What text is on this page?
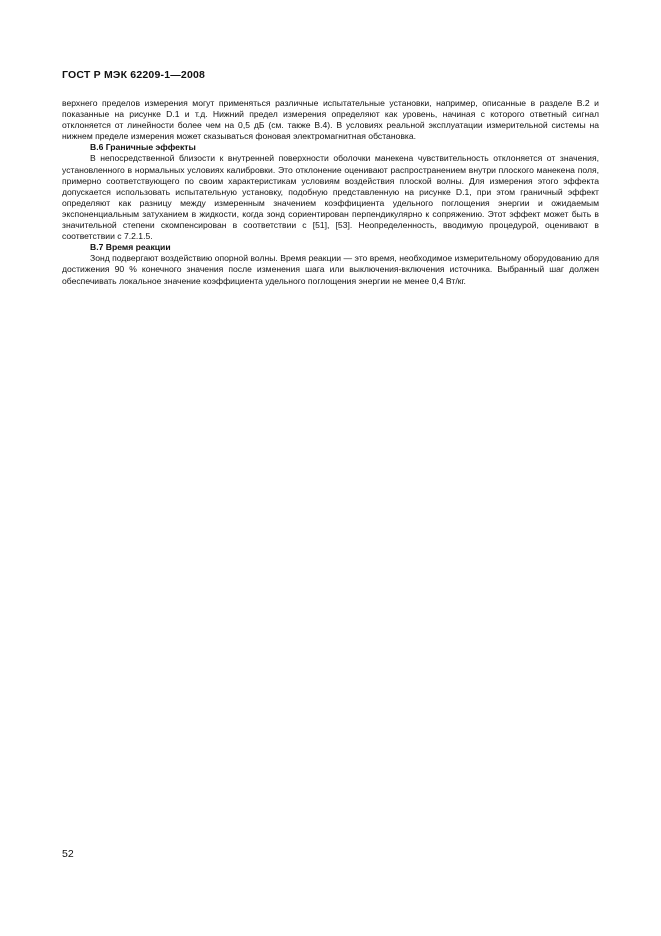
ГОСТ Р МЭК 62209-1—2008

верхнего пределов измерения могут применяться различные испытательные установки, например, описанные в разделе В.2 и показанные на рисунке D.1 и т.д. Нижний предел измерения определяют как уровень, начиная с которого ответный сигнал отклоняется от линейности более чем на 0,5 дБ (см. также В.4). В условиях реальной эксплуатации измерительной системы на нижнем пределе измерения может сказываться фоновая электромагнитная обстановка.

В.6 Граничные эффекты

В непосредственной близости к внутренней поверхности оболочки манекена чувствительность отклоняется от значения, установленного в нормальных условиях калибровки. Это отклонение оценивают распространением внутри плоского манекена поля, примерно соответствующего по своим характеристикам условиям воздействия плоской волны. Для измерения этого эффекта допускается использовать испытательную установку, подобную представленную на рисунке D.1, при этом граничный эффект определяют как разницу между измеренным значением коэффициента удельного поглощения энергии и ожидаемым экспоненциальным затуханием в жидкости, когда зонд сориентирован перпендикулярно к сопряжению. Этот эффект может быть в значительной степени скомпенсирован в соответствии с [51], [53]. Неопределенность, вводимую процедурой, оценивают в соответствии с 7.2.1.5.

В.7 Время реакции

Зонд подвергают воздействию опорной волны. Время реакции — это время, необходимое измерительному оборудованию для достижения 90 % конечного значения после изменения шага или выключения-включения источника. Выбранный шаг должен обеспечивать локальное значение коэффициента удельного поглощения энергии не менее 0,4 Вт/кг.

52
